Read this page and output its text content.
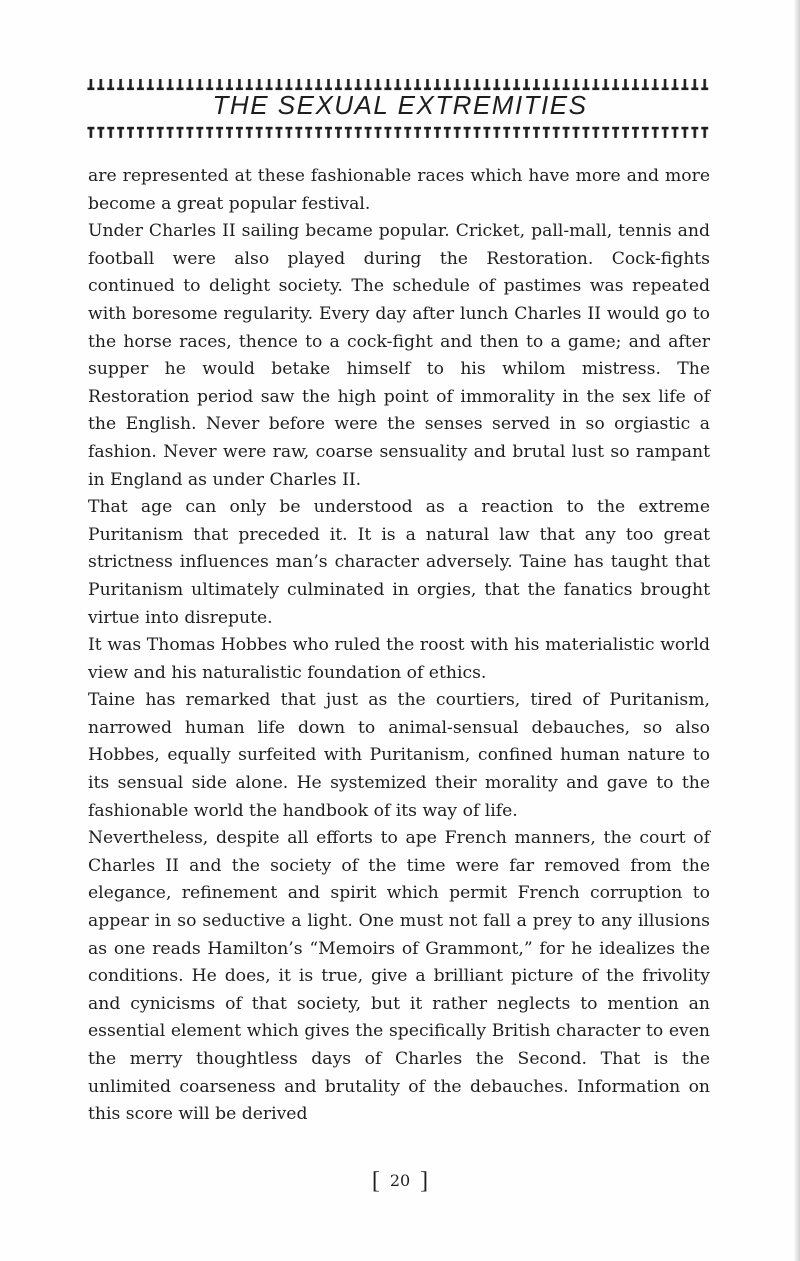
THE SEXUAL EXTREMITIES

are represented at these fashionable races which have more and more become a great popular festival.

Under Charles II sailing became popular. Cricket, pall-mall, tennis and football were also played during the Restoration. Cock-fights continued to delight society. The schedule of pastimes was repeated with boresome regularity. Every day after lunch Charles II would go to the horse races, thence to a cock-fight and then to a game; and after supper he would betake himself to his whilom mistress. The Restoration period saw the high point of immorality in the sex life of the English. Never before were the senses served in so orgiastic a fashion. Never were raw, coarse sensuality and brutal lust so rampant in England as under Charles II.

That age can only be understood as a reaction to the extreme Puritanism that preceded it. It is a natural law that any too great strictness influences man’s character adversely. Taine has taught that Puritanism ultimately culminated in orgies, that the fanatics brought virtue into disrepute.

It was Thomas Hobbes who ruled the roost with his materialistic world view and his naturalistic foundation of ethics.

Taine has remarked that just as the courtiers, tired of Puritanism, narrowed human life down to animal-sensual debauches, so also Hobbes, equally surfeited with Puritanism, confined human nature to its sensual side alone. He systemized their morality and gave to the fashionable world the handbook of its way of life.

Nevertheless, despite all efforts to ape French manners, the court of Charles II and the society of the time were far removed from the elegance, refinement and spirit which permit French corruption to appear in so seductive a light. One must not fall a prey to any illusions as one reads Hamilton’s “Memoirs of Grammont,” for he idealizes the conditions. He does, it is true, give a brilliant picture of the frivolity and cynicisms of that society, but it rather neglects to mention an essential element which gives the specifically British character to even the merry thoughtless days of Charles the Second. That is the unlimited coarseness and brutality of the debauches. Information on this score will be derived

[ 20 ]
